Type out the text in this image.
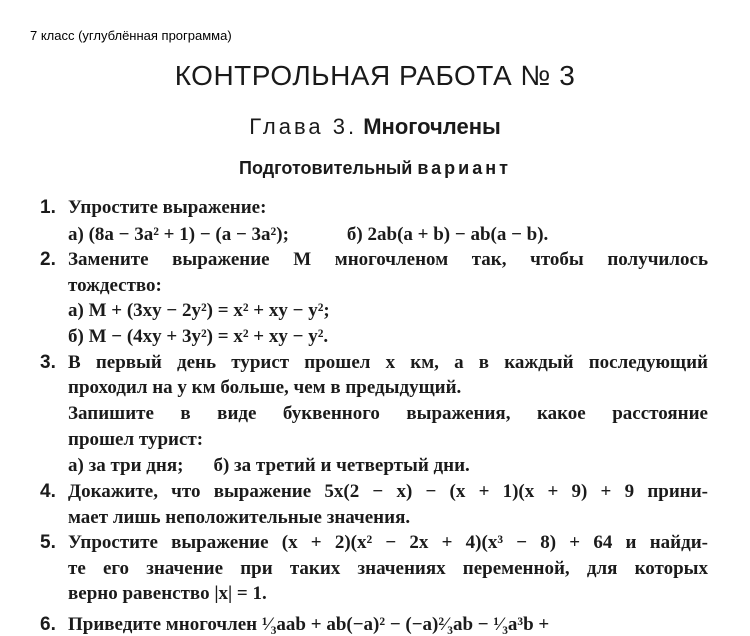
7 класс (углублённая программа)
КОНТРОЛЬНАЯ РАБОТА № 3
Глава 3. Многочлены
Подготовительный вариант
1. Упростите выражение:
а) (8a − 3a² + 1) − (a − 3a²);	б) 2ab(a + b) − ab(a − b).
2. Замените выражение M многочленом так, чтобы получилось
тождество:
а) M + (3xy − 2y²) = x² + xy − y²;
б) M − (4xy + 3y²) = x² + xy − y².
3. В первый день турист прошел x км, а в каждый последующий
проходил на y км больше, чем в предыдущий.
Запишите в виде буквенного выражения, какое расстояние
прошел турист:
а) за три дня; б) за третий и четвертый дни.
4. Докажите, что выражение 5x(2 − x) − (x + 1)(x + 9) + 9 прини-
мает лишь неположительные значения.
5. Упростите выражение (x + 2)(x² − 2x + 4)(x³ − 8) + 64 и найди-
те его значение при таких значениях переменной, для которых
верно равенство |x| = 1.
6. Приведите многочлен ¹⁄₃aab + ab(−a)² − (−a)²⁄₃ab − ¹⁄₃a³b +
